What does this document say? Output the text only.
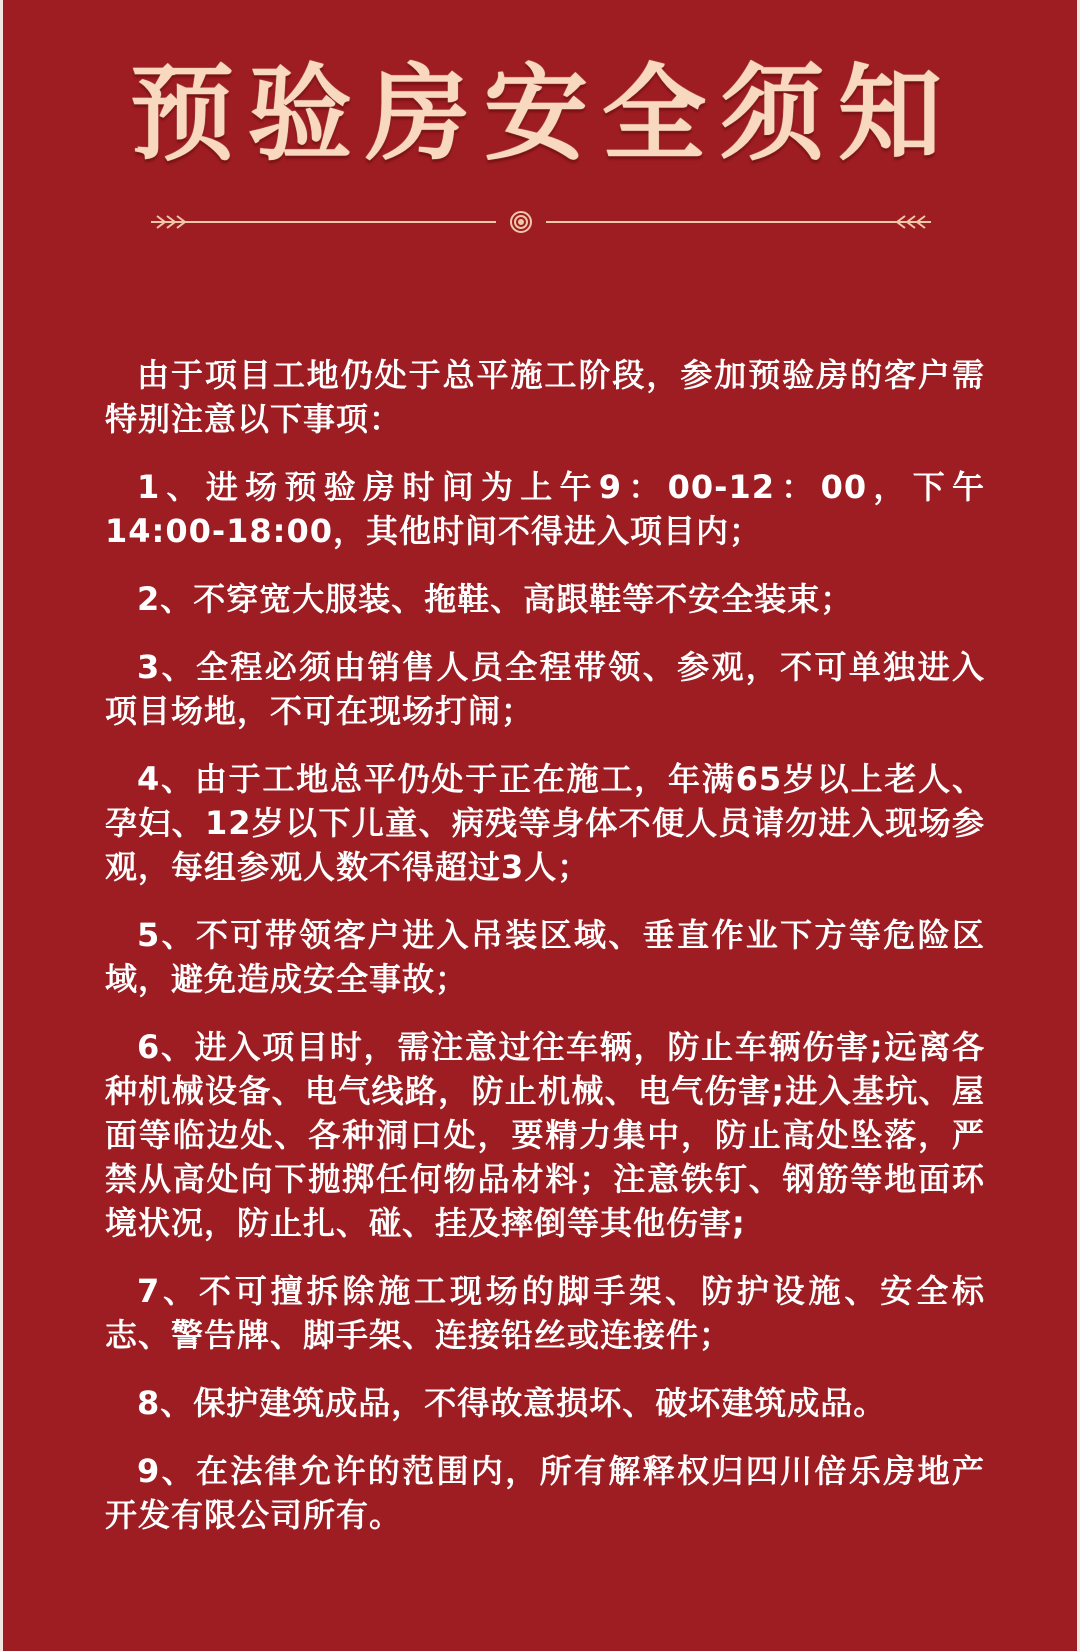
预验房安全须知

由于项目工地仍处于总平施工阶段，参加预验房的客户需特别注意以下事项：

1、进场预验房时间为上午9：00-12：00，下午14:00-18:00，其他时间不得进入项目内；

2、不穿宽大服装、拖鞋、高跟鞋等不安全装束；

3、全程必须由销售人员全程带领、参观，不可单独进入项目场地，不可在现场打闹；

4、由于工地总平仍处于正在施工，年满65岁以上老人、孕妇、12岁以下儿童、病残等身体不便人员请勿进入现场参观，每组参观人数不得超过3人；

5、不可带领客户进入吊装区域、垂直作业下方等危险区域，避免造成安全事故；

6、进入项目时，需注意过往车辆，防止车辆伤害;远离各种机械设备、电气线路，防止机械、电气伤害;进入基坑、屋面等临边处、各种洞口处，要精力集中，防止高处坠落，严禁从高处向下抛掷任何物品材料；注意铁钉、钢筋等地面环境状况，防止扎、碰、挂及摔倒等其他伤害;

7、不可擅拆除施工现场的脚手架、防护设施、安全标志、警告牌、脚手架、连接铅丝或连接件；

8、保护建筑成品，不得故意损坏、破坏建筑成品。

9、在法律允许的范围内，所有解释权归四川倍乐房地产开发有限公司所有。
